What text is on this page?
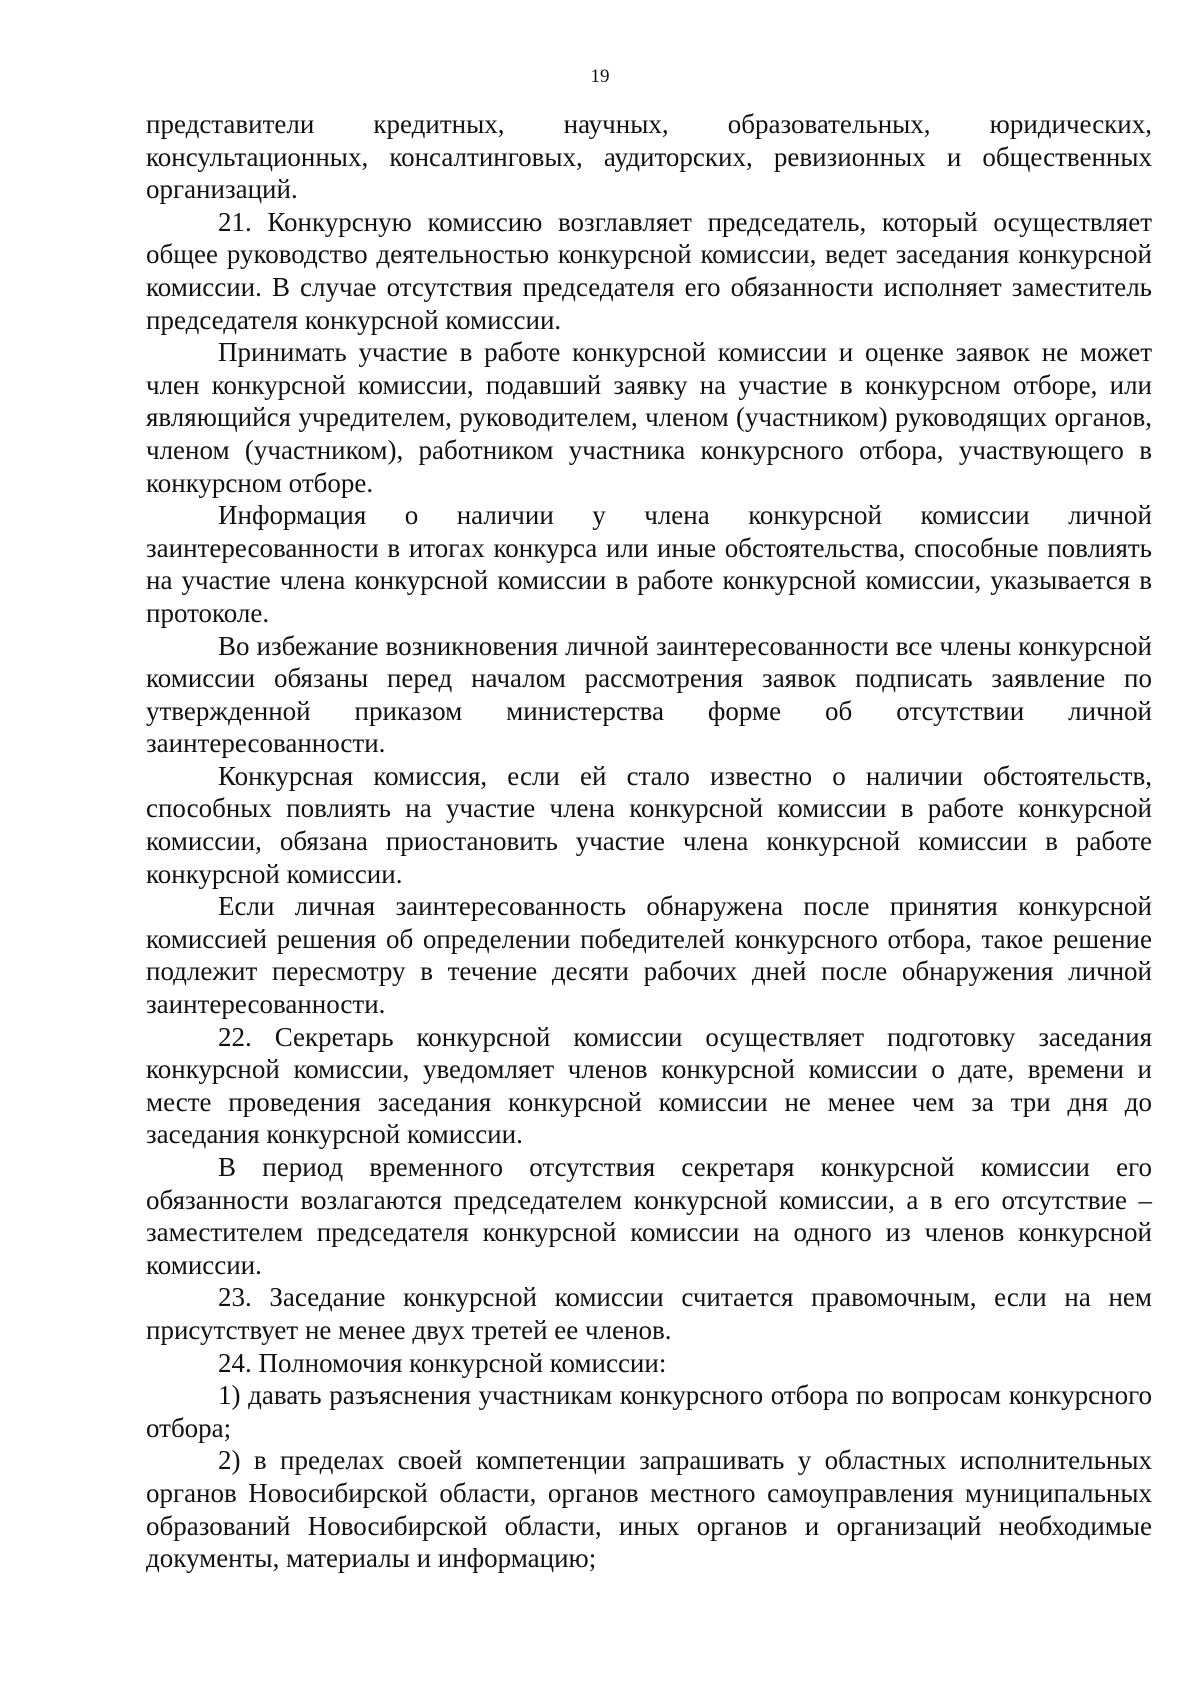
19

представители кредитных, научных, образовательных, юридических, консультационных, консалтинговых, аудиторских, ревизионных и общественных организаций.

21. Конкурсную комиссию возглавляет председатель, который осуществляет общее руководство деятельностью конкурсной комиссии, ведет заседания конкурсной комиссии. В случае отсутствия председателя его обязанности исполняет заместитель председателя конкурсной комиссии.

Принимать участие в работе конкурсной комиссии и оценке заявок не может член конкурсной комиссии, подавший заявку на участие в конкурсном отборе, или являющийся учредителем, руководителем, членом (участником) руководящих органов, членом (участником), работником участника конкурсного отбора, участвующего в конкурсном отборе.

Информация о наличии у члена конкурсной комиссии личной заинтересованности в итогах конкурса или иные обстоятельства, способные повлиять на участие члена конкурсной комиссии в работе конкурсной комиссии, указывается в протоколе.

Во избежание возникновения личной заинтересованности все члены конкурсной комиссии обязаны перед началом рассмотрения заявок подписать заявление по утвержденной приказом министерства форме об отсутствии личной заинтересованности.

Конкурсная комиссия, если ей стало известно о наличии обстоятельств, способных повлиять на участие члена конкурсной комиссии в работе конкурсной комиссии, обязана приостановить участие члена конкурсной комиссии в работе конкурсной комиссии.

Если личная заинтересованность обнаружена после принятия конкурсной комиссией решения об определении победителей конкурсного отбора, такое решение подлежит пересмотру в течение десяти рабочих дней после обнаружения личной заинтересованности.

22. Секретарь конкурсной комиссии осуществляет подготовку заседания конкурсной комиссии, уведомляет членов конкурсной комиссии о дате, времени и месте проведения заседания конкурсной комиссии не менее чем за три дня до заседания конкурсной комиссии.

В период временного отсутствия секретаря конкурсной комиссии его обязанности возлагаются председателем конкурсной комиссии, а в его отсутствие – заместителем председателя конкурсной комиссии на одного из членов конкурсной комиссии.

23. Заседание конкурсной комиссии считается правомочным, если на нем присутствует не менее двух третей ее членов.

24. Полномочия конкурсной комиссии:

1) давать разъяснения участникам конкурсного отбора по вопросам конкурсного отбора;

2) в пределах своей компетенции запрашивать у областных исполнительных органов Новосибирской области, органов местного самоуправления муниципальных образований Новосибирской области, иных органов и организаций необходимые документы, материалы и информацию;
